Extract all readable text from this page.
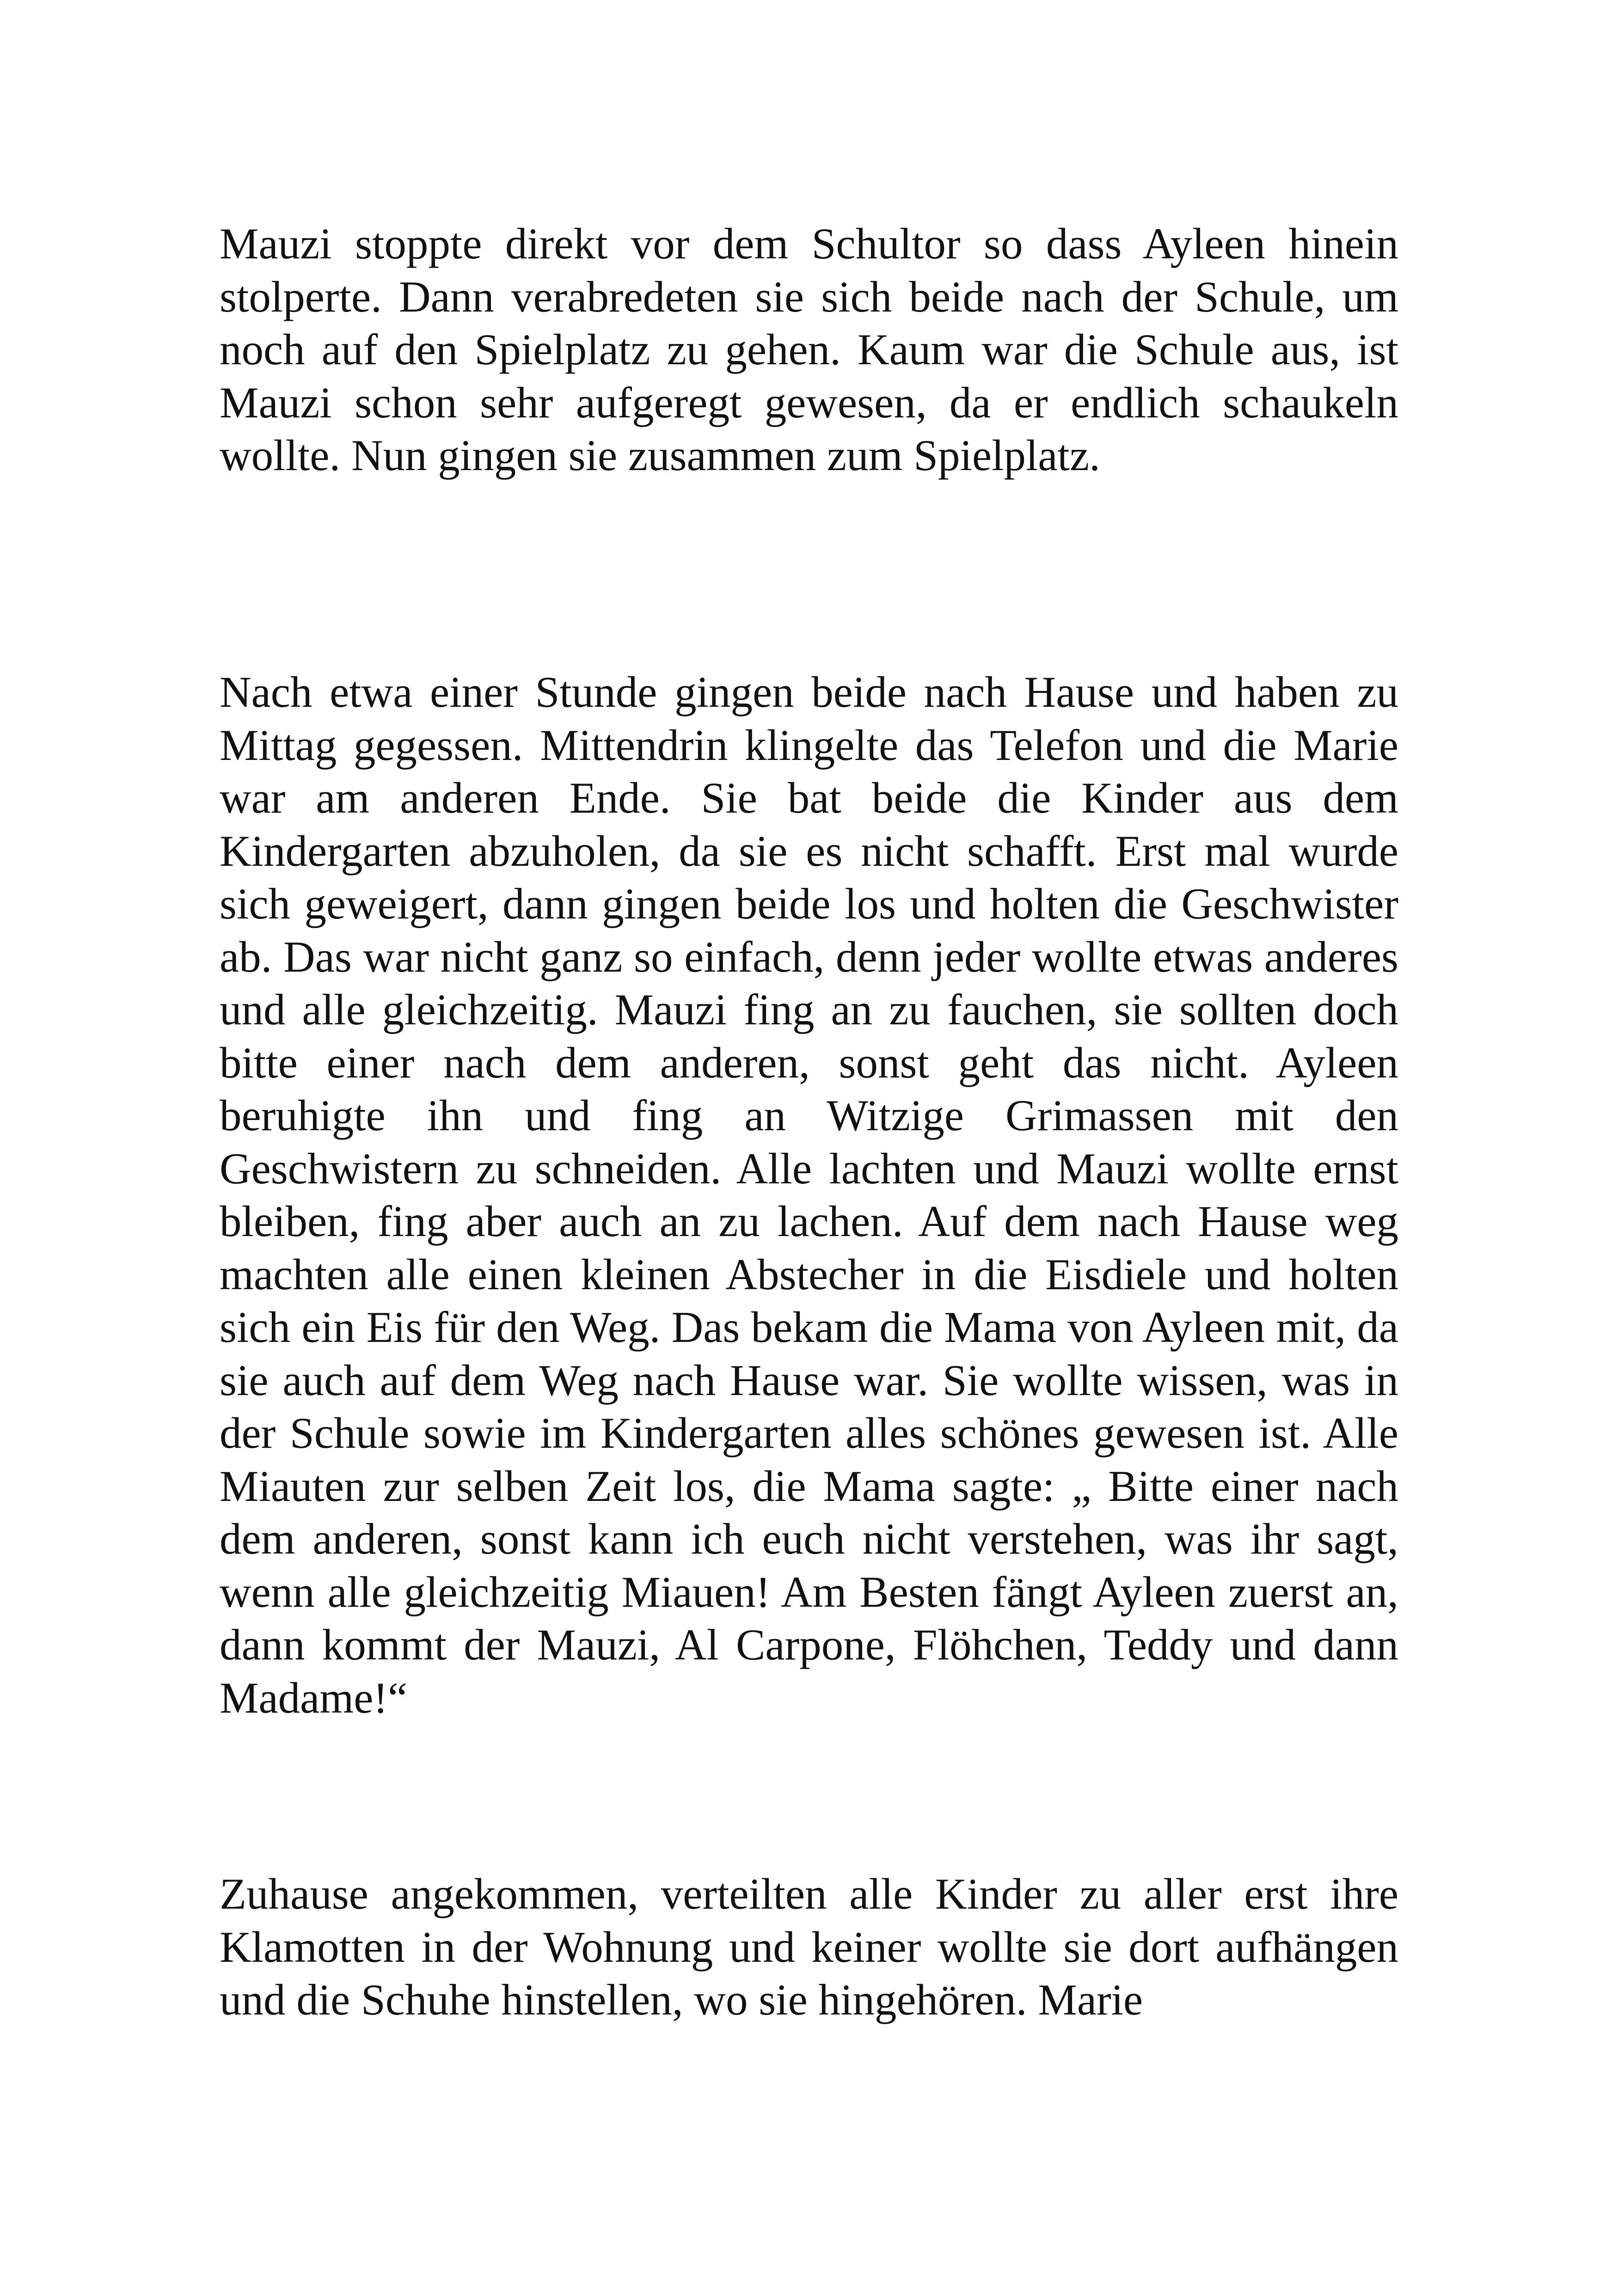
Mauzi stoppte direkt vor dem Schultor so dass Ayleen hinein stolperte. Dann verabredeten sie sich beide nach der Schule, um noch auf den Spielplatz zu gehen. Kaum war die Schule aus, ist Mauzi schon sehr aufgeregt gewesen, da er endlich schaukeln wollte. Nun gingen sie zusammen zum Spielplatz.

Nach etwa einer Stunde gingen beide nach Hause und haben zu Mittag gegessen. Mittendrin klingelte das Telefon und die Marie war am anderen Ende. Sie bat beide die Kinder aus dem Kindergarten abzuholen, da sie es nicht schafft. Erst mal wurde sich geweigert, dann gingen beide los und holten die Geschwister ab. Das war nicht ganz so einfach, denn jeder wollte etwas anderes und alle gleichzeitig. Mauzi fing an zu fauchen, sie sollten doch bitte einer nach dem anderen, sonst geht das nicht. Ayleen beruhigte ihn und fing an Witzige Grimassen mit den Geschwistern zu schneiden. Alle lachten und Mauzi wollte ernst bleiben, fing aber auch an zu lachen. Auf dem nach Hause weg machten alle einen kleinen Abstecher in die Eisdiele und holten sich ein Eis für den Weg. Das bekam die Mama von Ayleen mit, da sie auch auf dem Weg nach Hause war. Sie wollte wissen, was in der Schule sowie im Kindergarten alles schönes gewesen ist. Alle Miauten zur selben Zeit los, die Mama sagte: „ Bitte einer nach dem anderen, sonst kann ich euch nicht verstehen, was ihr sagt, wenn alle gleichzeitig Miauen! Am Besten fängt Ayleen zuerst an, dann kommt der Mauzi, Al Carpone, Flöhchen, Teddy und dann Madame!“

Zuhause angekommen, verteilten alle Kinder zu aller erst ihre Klamotten in der Wohnung und keiner wollte sie dort aufhängen und die Schuhe hinstellen, wo sie hingehören. Marie
